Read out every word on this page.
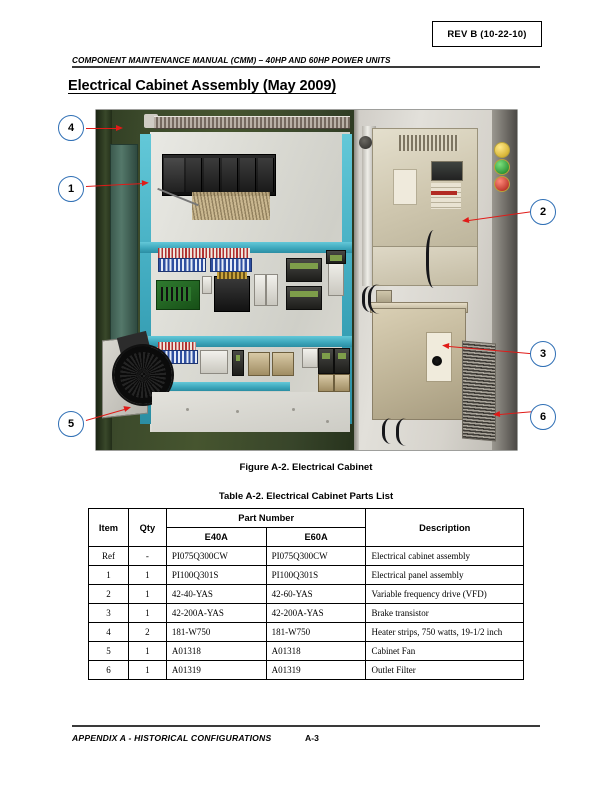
REV B (10-22-10)
COMPONENT MAINTENANCE MANUAL (CMM) – 40HP AND 60HP POWER UNITS
Electrical Cabinet Assembly (May 2009)
4
1
5
2
3
6
Figure A-2. Electrical Cabinet
Table A-2. Electrical Cabinet Parts List
Item	Qty	Part Number		Description
		E40A	E60A	
Ref	-	PI075Q300CW	PI075Q300CW	Electrical cabinet assembly
1	1	PI100Q301S	PI100Q301S	Electrical panel assembly
2	1	42-40-YAS	42-60-YAS	Variable frequency drive (VFD)
3	1	42-200A-YAS	42-200A-YAS	Brake transistor
4	2	181-W750	181-W750	Heater strips, 750 watts, 19-1/2 inch
5	1	A01318	A01318	Cabinet Fan
6	1	A01319	A01319	Outlet Filter
APPENDIX A - HISTORICAL CONFIGURATIONS	A-3
